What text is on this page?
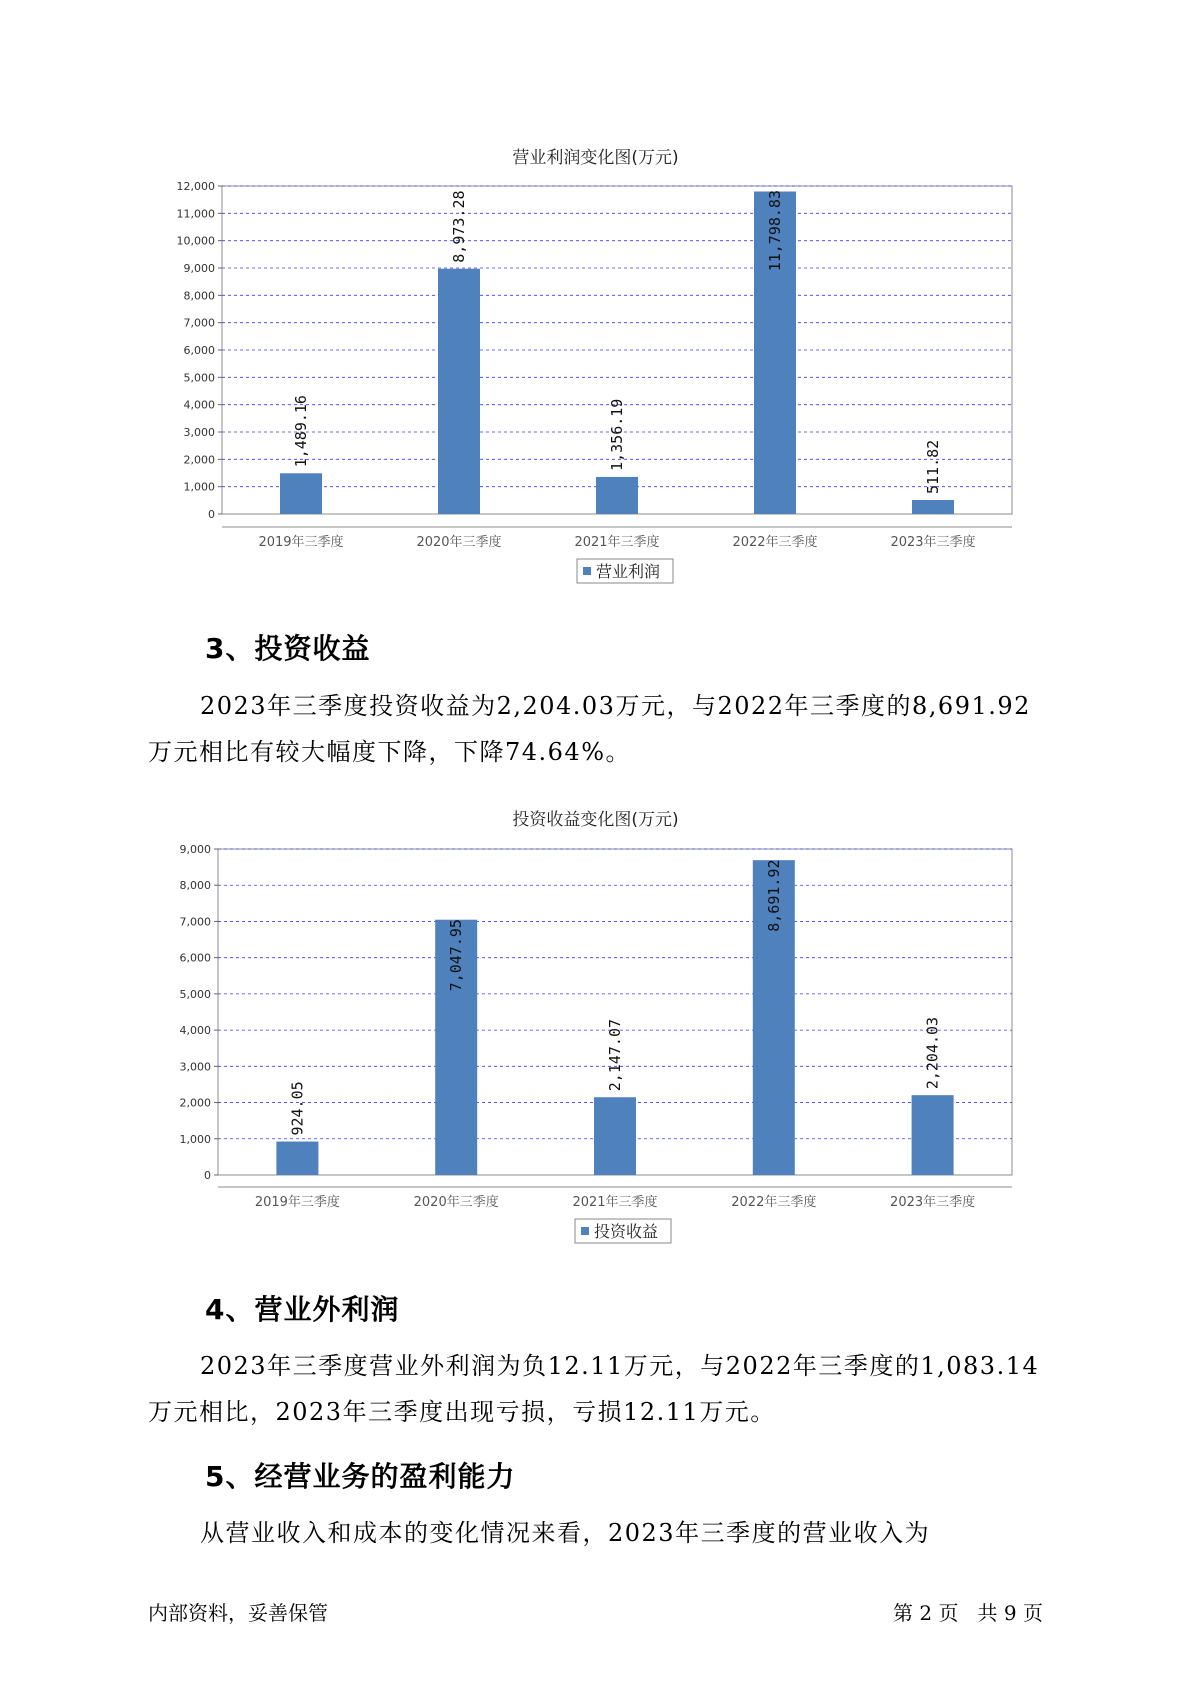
营业利润变化图(万元)
0
1,000
2,000
3,000
4,000
5,000
6,000
7,000
8,000
9,000
10,000
11,000
12,000
2019年三季度
1,489.16
2020年三季度
8,973.28
2021年三季度
1,356.19
2022年三季度
11,798.83
2023年三季度
511.82
营业利润
3、投资收益
2023年三季度投资收益为2,204.03万元，与2022年三季度的8,691.92
万元相比有较大幅度下降，下降74.64%。
投资收益变化图(万元)
0
1,000
2,000
3,000
4,000
5,000
6,000
7,000
8,000
9,000
2019年三季度
924.05
2020年三季度
7,047.95
2021年三季度
2,147.07
2022年三季度
8,691.92
2023年三季度
2,204.03
投资收益
4、营业外利润
2023年三季度营业外利润为负12.11万元，与2022年三季度的1,083.14
万元相比，2023年三季度出现亏损，亏损12.11万元。
5、经营业务的盈利能力
从营业收入和成本的变化情况来看，2023年三季度的营业收入为
内部资料，妥善保管	第 2 页   共 9 页
